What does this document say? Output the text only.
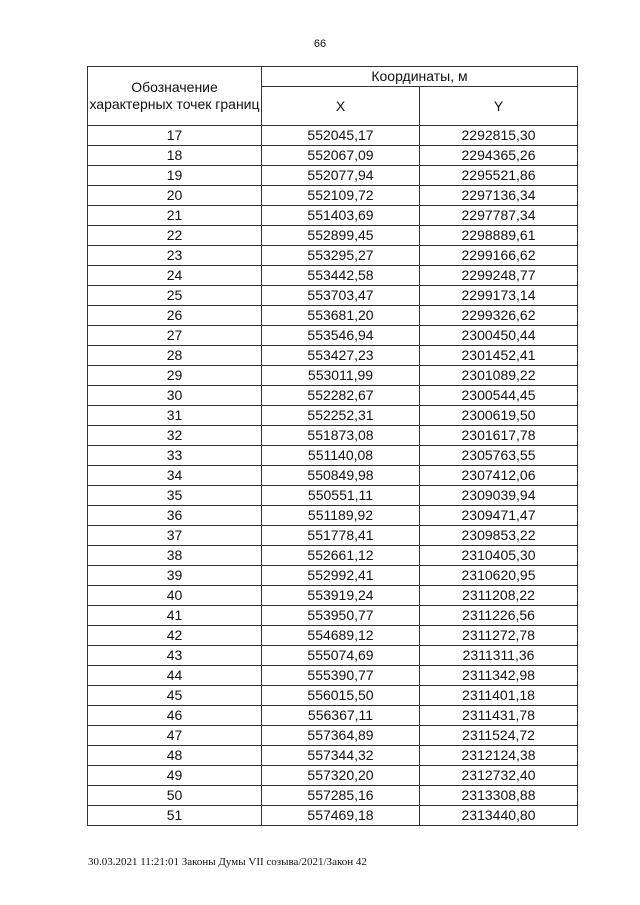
66
Обозначение характерных точек границ	Координаты, м	
	X	Y
17	552045,17	2292815,30
18	552067,09	2294365,26
19	552077,94	2295521,86
20	552109,72	2297136,34
21	551403,69	2297787,34
22	552899,45	2298889,61
23	553295,27	2299166,62
24	553442,58	2299248,77
25	553703,47	2299173,14
26	553681,20	2299326,62
27	553546,94	2300450,44
28	553427,23	2301452,41
29	553011,99	2301089,22
30	552282,67	2300544,45
31	552252,31	2300619,50
32	551873,08	2301617,78
33	551140,08	2305763,55
34	550849,98	2307412,06
35	550551,11	2309039,94
36	551189,92	2309471,47
37	551778,41	2309853,22
38	552661,12	2310405,30
39	552992,41	2310620,95
40	553919,24	2311208,22
41	553950,77	2311226,56
42	554689,12	2311272,78
43	555074,69	2311311,36
44	555390,77	2311342,98
45	556015,50	2311401,18
46	556367,11	2311431,78
47	557364,89	2311524,72
48	557344,32	2312124,38
49	557320,20	2312732,40
50	557285,16	2313308,88
51	557469,18	2313440,80
30.03.2021 11:21:01 Законы Думы VII созыва/2021/Закон 42
